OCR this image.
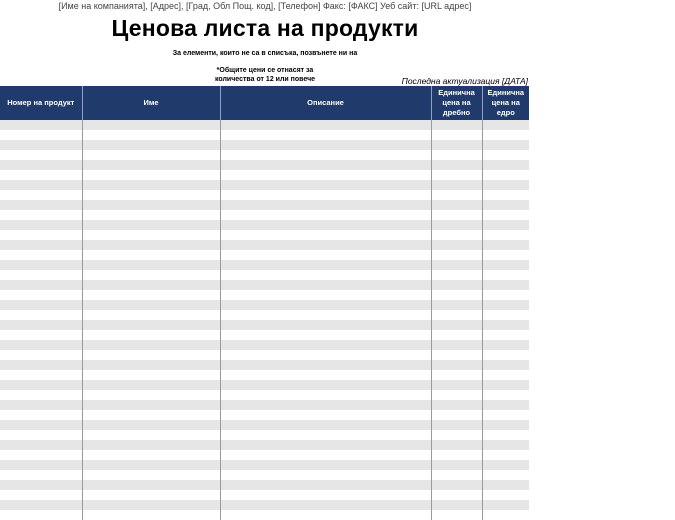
[Име на компанията], [Адрес], [Град, Обл Пощ. код], [Телефон] Факс: [ФАКС] Уеб сайт: [URL адрес]
Ценова листа на продукти
За елементи, които не са в списъка, позвънете ни на
*Общите цени се отнасят за
количества от 12 или повече	Последна актуализация [ДАТА]
Номер на продукт	Име	Описание	Единична цена на дребно	Единична цена на едро
